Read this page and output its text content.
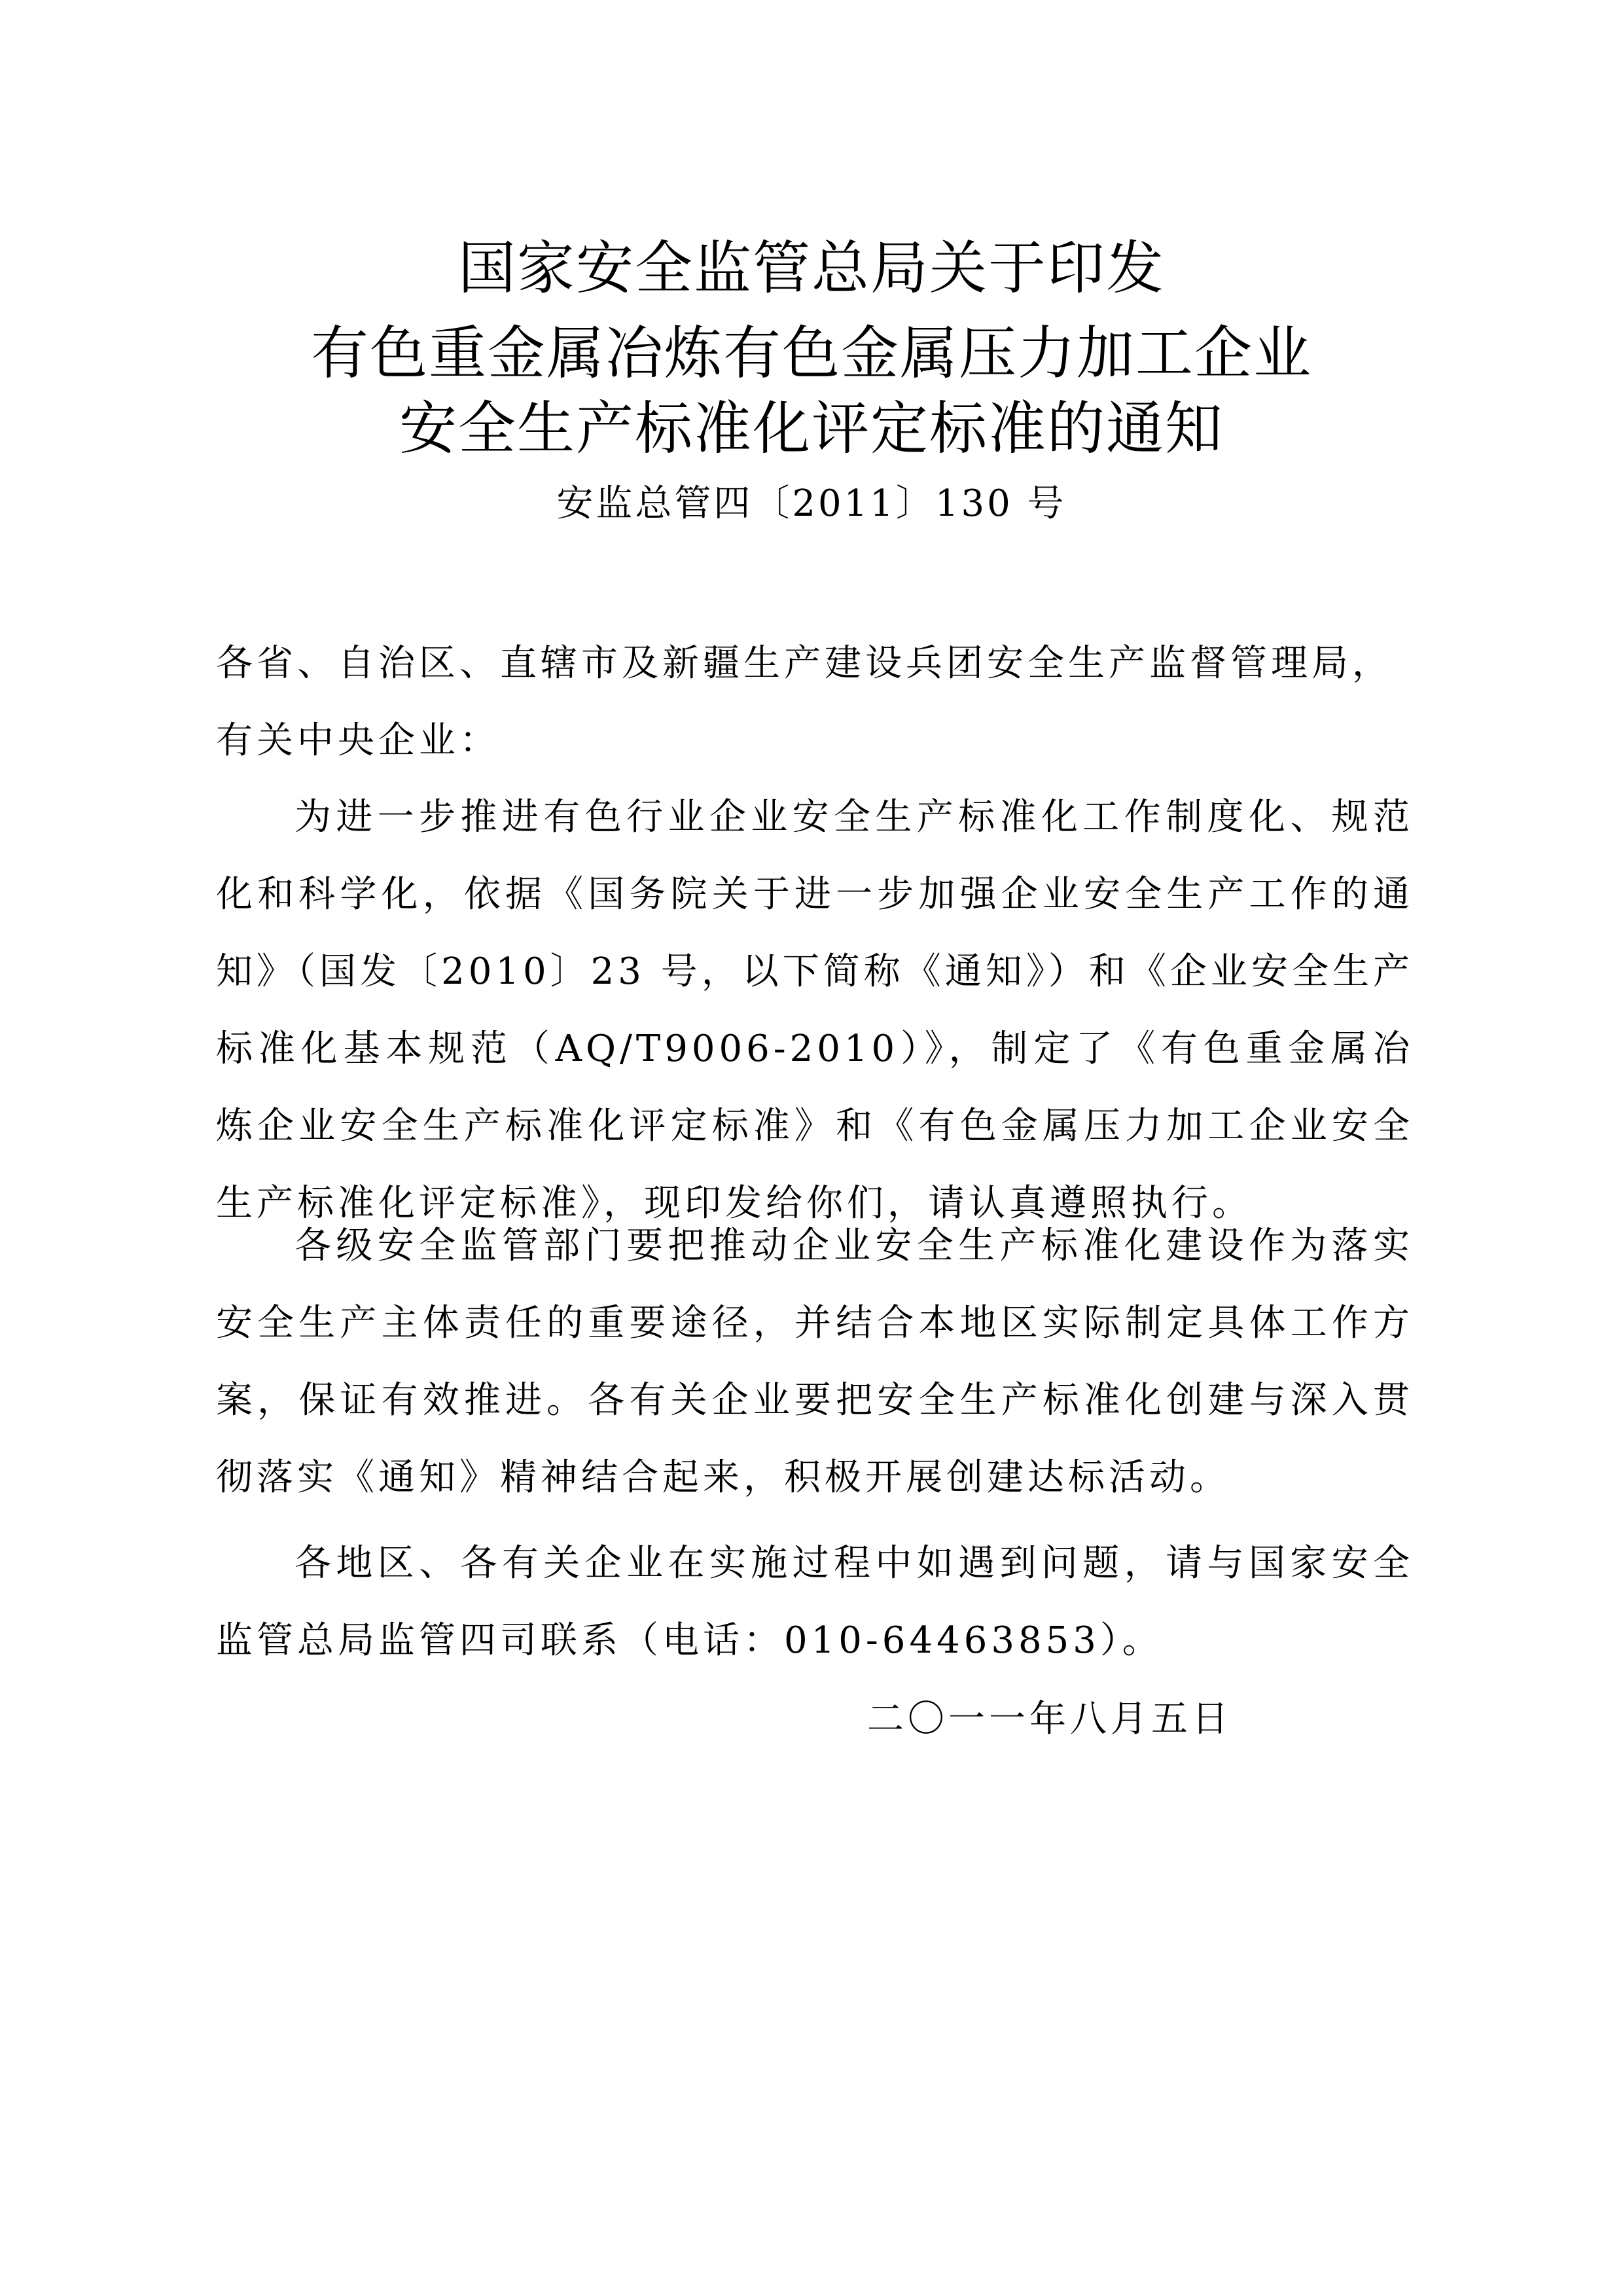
国家安全监管总局关于印发
有色重金属冶炼有色金属压力加工企业
安全生产标准化评定标准的通知
安监总管四〔2011〕130 号
各省、自治区、直辖市及新疆生产建设兵团安全生产监督管理局，

有关中央企业：
为进一步推进有色行业企业安全生产标准化工作制度化、规范化和科学化，依据《国务院关于进一步加强企业安全生产工作的通知》（国发〔2010〕23 号，以下简称《通知》）和《企业安全生产标准化基本规范（AQ/T9006-2010）》，制定了《有色重金属冶炼企业安全生产标准化评定标准》和《有色金属压力加工企业安全生产标准化评定标准》，现印发给你们，请认真遵照执行。
各级安全监管部门要把推动企业安全生产标准化建设作为落实安全生产主体责任的重要途径，并结合本地区实际制定具体工作方案，保证有效推进。各有关企业要把安全生产标准化创建与深入贯彻落实《通知》精神结合起来，积极开展创建达标活动。
各地区、各有关企业在实施过程中如遇到问题，请与国家安全监管总局监管四司联系（电话：010-64463853）。
二〇一一年八月五日
